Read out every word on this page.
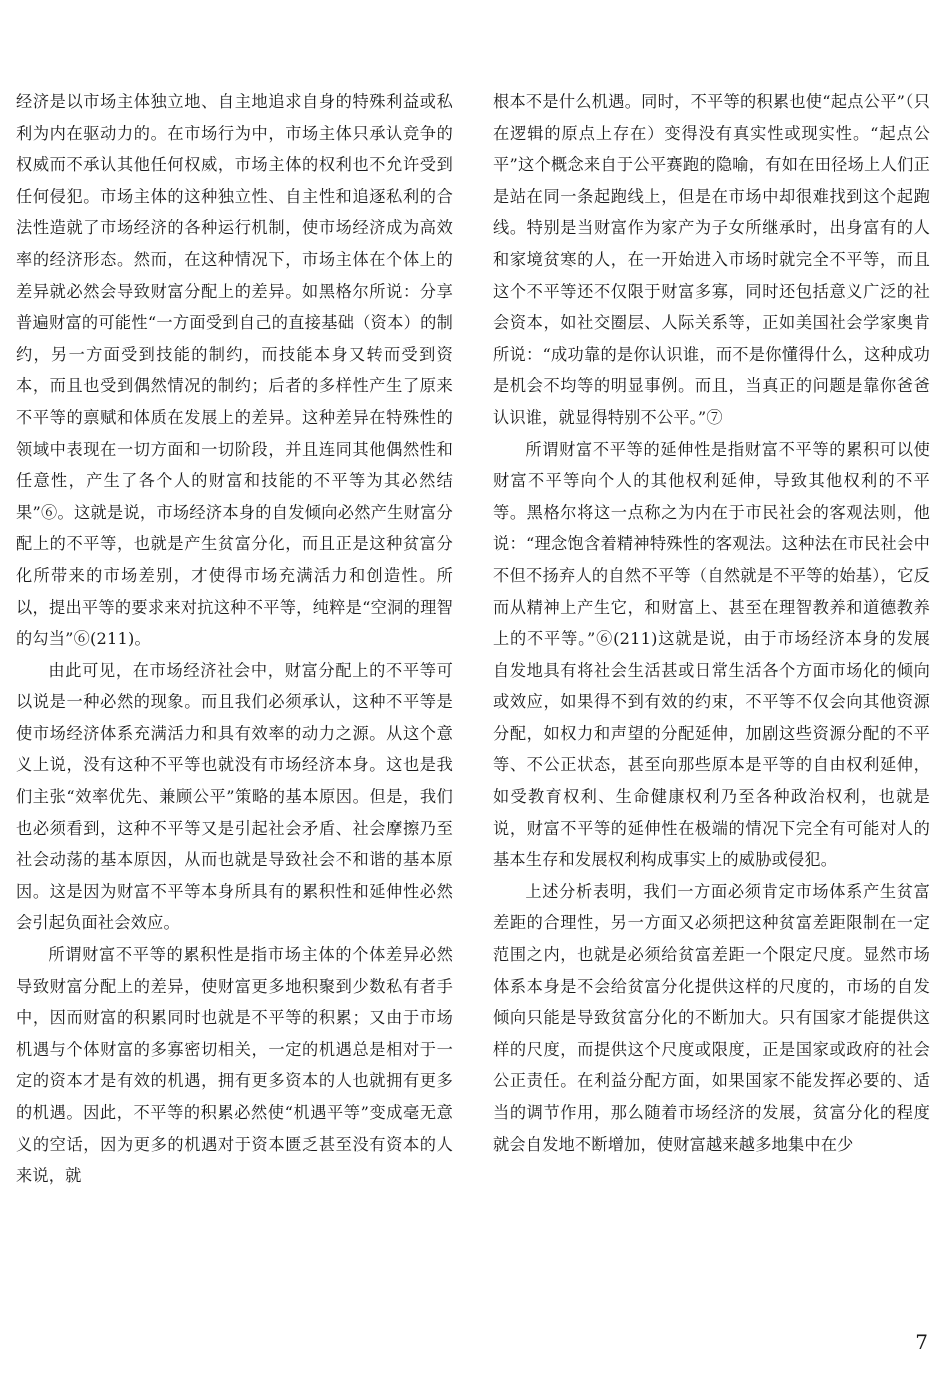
经济是以市场主体独立地、自主地追求自身的特殊利益或私利为内在驱动力的。在市场行为中，市场主体只承认竞争的权威而不承认其他任何权威，市场主体的权利也不允许受到任何侵犯。市场主体的这种独立性、自主性和追逐私利的合法性造就了市场经济的各种运行机制，使市场经济成为高效率的经济形态。然而，在这种情况下，市场主体在个体上的差异就必然会导致财富分配上的差异。如黑格尔所说：分享普遍财富的可能性“一方面受到自己的直接基础（资本）的制约，另一方面受到技能的制约，而技能本身又转而受到资本，而且也受到偶然情况的制约；后者的多样性产生了原来不平等的禀赋和体质在发展上的差异。这种差异在特殊性的领域中表现在一切方面和一切阶段，并且连同其他偶然性和任意性，产生了各个人的财富和技能的不平等为其必然结果”⑥。这就是说，市场经济本身的自发倾向必然产生财富分配上的不平等，也就是产生贫富分化，而且正是这种贫富分化所带来的市场差别，才使得市场充满活力和创造性。所以，提出平等的要求来对抗这种不平等，纯粹是“空洞的理智的勾当”⑥(211)。

由此可见，在市场经济社会中，财富分配上的不平等可以说是一种必然的现象。而且我们必须承认，这种不平等是使市场经济体系充满活力和具有效率的动力之源。从这个意义上说，没有这种不平等也就没有市场经济本身。这也是我们主张“效率优先、兼顾公平”策略的基本原因。但是，我们也必须看到，这种不平等又是引起社会矛盾、社会摩擦乃至社会动荡的基本原因，从而也就是导致社会不和谐的基本原因。这是因为财富不平等本身所具有的累积性和延伸性必然会引起负面社会效应。

所谓财富不平等的累积性是指市场主体的个体差异必然导致财富分配上的差异，使财富更多地积聚到少数私有者手中，因而财富的积累同时也就是不平等的积累；又由于市场机遇与个体财富的多寡密切相关，一定的机遇总是相对于一定的资本才是有效的机遇，拥有更多资本的人也就拥有更多的机遇。因此，不平等的积累必然使“机遇平等”变成毫无意义的空话，因为更多的机遇对于资本匮乏甚至没有资本的人来说，就

根本不是什么机遇。同时，不平等的积累也使“起点公平”（只在逻辑的原点上存在）变得没有真实性或现实性。“起点公平”这个概念来自于公平赛跑的隐喻，有如在田径场上人们正是站在同一条起跑线上，但是在市场中却很难找到这个起跑线。特别是当财富作为家产为子女所继承时，出身富有的人和家境贫寒的人，在一开始进入市场时就完全不平等，而且这个不平等还不仅限于财富多寡，同时还包括意义广泛的社会资本，如社交圈层、人际关系等，正如美国社会学家奥肯所说：“成功靠的是你认识谁，而不是你懂得什么，这种成功是机会不均等的明显事例。而且，当真正的问题是靠你爸爸认识谁，就显得特别不公平。”⑦

所谓财富不平等的延伸性是指财富不平等的累积可以使财富不平等向个人的其他权利延伸，导致其他权利的不平等。黑格尔将这一点称之为内在于市民社会的客观法则，他说：“理念饱含着精神特殊性的客观法。这种法在市民社会中不但不扬弃人的自然不平等（自然就是不平等的始基），它反而从精神上产生它，和财富上、甚至在理智教养和道德教养上的不平等。”⑥(211)这就是说，由于市场经济本身的发展自发地具有将社会生活甚或日常生活各个方面市场化的倾向或效应，如果得不到有效的约束，不平等不仅会向其他资源分配，如权力和声望的分配延伸，加剧这些资源分配的不平等、不公正状态，甚至向那些原本是平等的自由权利延伸，如受教育权利、生命健康权利乃至各种政治权利，也就是说，财富不平等的延伸性在极端的情况下完全有可能对人的基本生存和发展权利构成事实上的威胁或侵犯。

上述分析表明，我们一方面必须肯定市场体系产生贫富差距的合理性，另一方面又必须把这种贫富差距限制在一定范围之内，也就是必须给贫富差距一个限定尺度。显然市场体系本身是不会给贫富分化提供这样的尺度的，市场的自发倾向只能是导致贫富分化的不断加大。只有国家才能提供这样的尺度，而提供这个尺度或限度，正是国家或政府的社会公正责任。在利益分配方面，如果国家不能发挥必要的、适当的调节作用，那么随着市场经济的发展，贫富分化的程度就会自发地不断增加，使财富越来越多地集中在少

7
